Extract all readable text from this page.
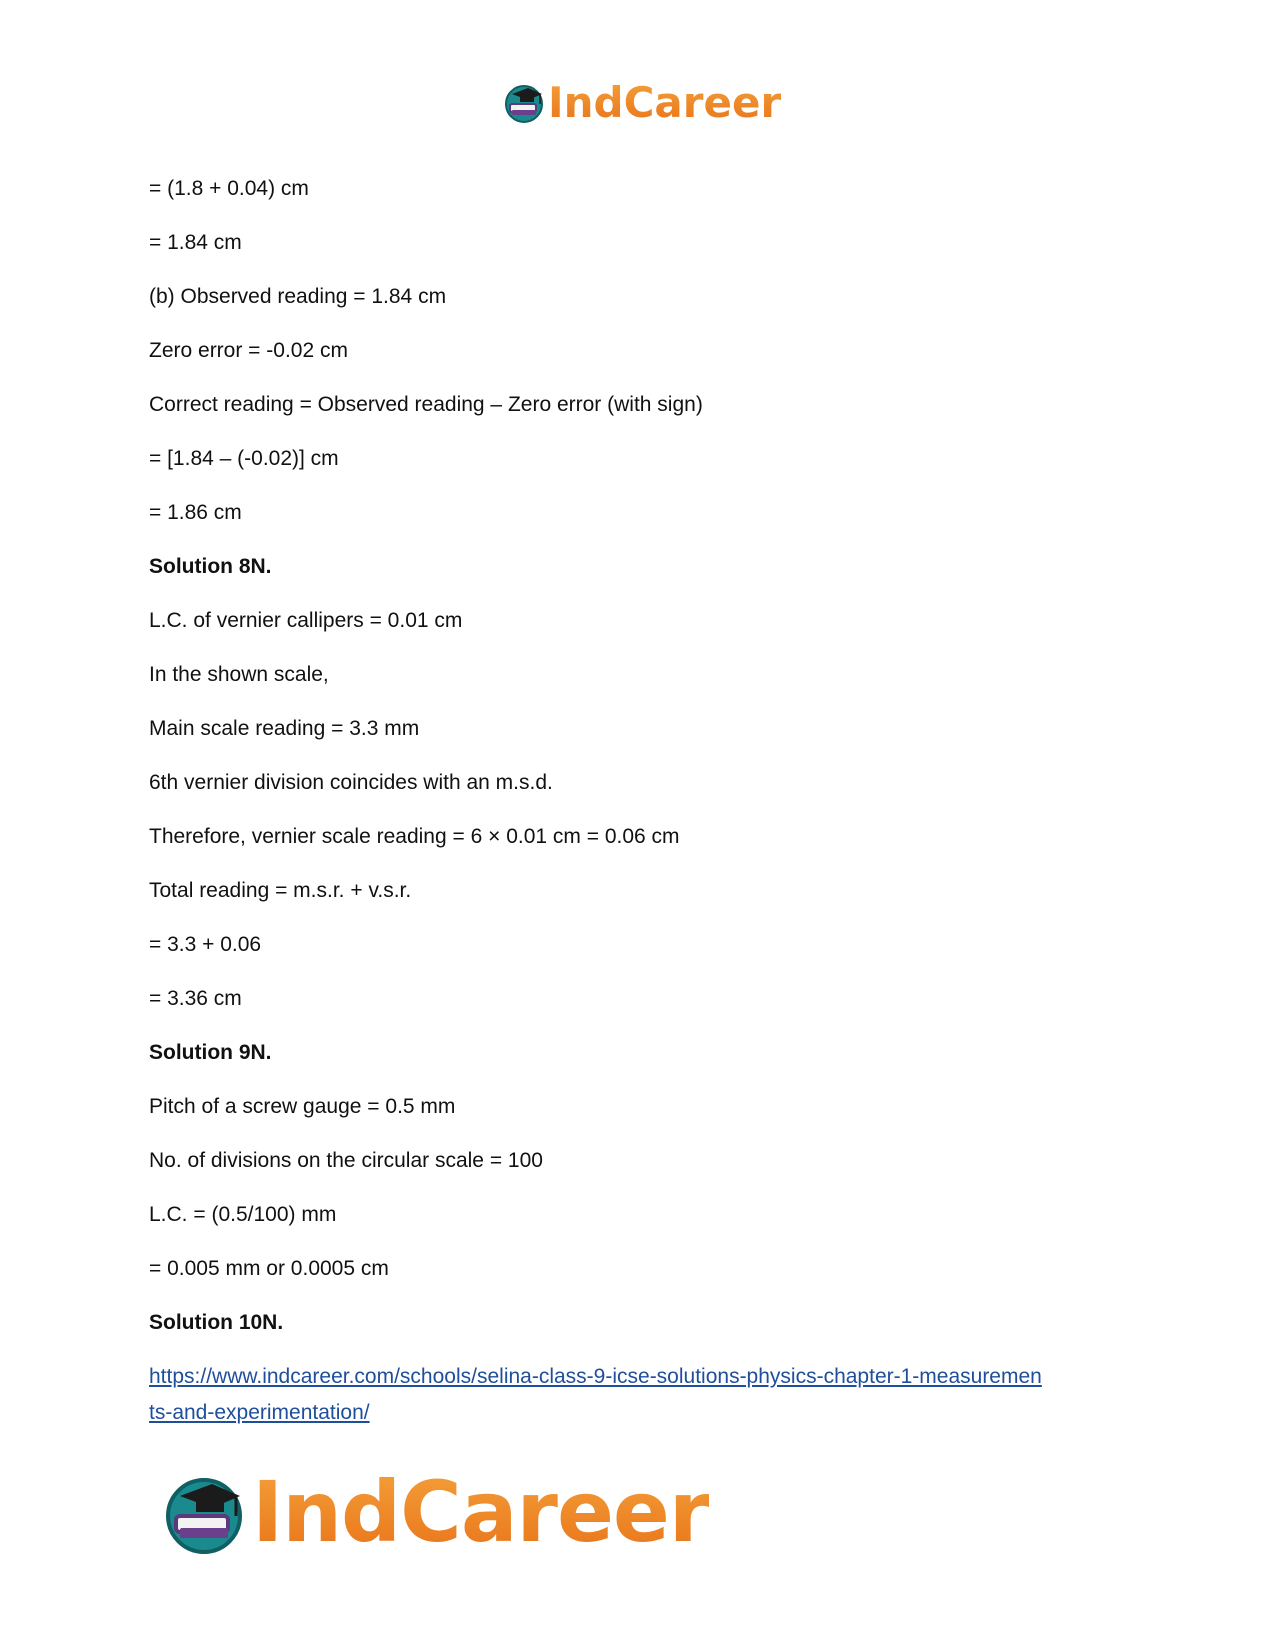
IndCareer
= (1.8 + 0.04) cm
= 1.84 cm
(b) Observed reading = 1.84 cm
Zero error = -0.02 cm
Correct reading = Observed reading – Zero error (with sign)
= [1.84 – (-0.02)] cm
= 1.86 cm
Solution 8N.
L.C. of vernier callipers = 0.01 cm
In the shown scale,
Main scale reading = 3.3 mm
6th vernier division coincides with an m.s.d.
Therefore, vernier scale reading = 6 × 0.01 cm = 0.06 cm
Total reading = m.s.r. + v.s.r.
= 3.3 + 0.06
= 3.36 cm
Solution 9N.
Pitch of a screw gauge = 0.5 mm
No. of divisions on the circular scale = 100
L.C. = (0.5/100) mm
= 0.005 mm or 0.0005 cm
Solution 10N.
https://www.indcareer.com/schools/selina-class-9-icse-solutions-physics-chapter-1-measuremen
ts-and-experimentation/
IndCareer
